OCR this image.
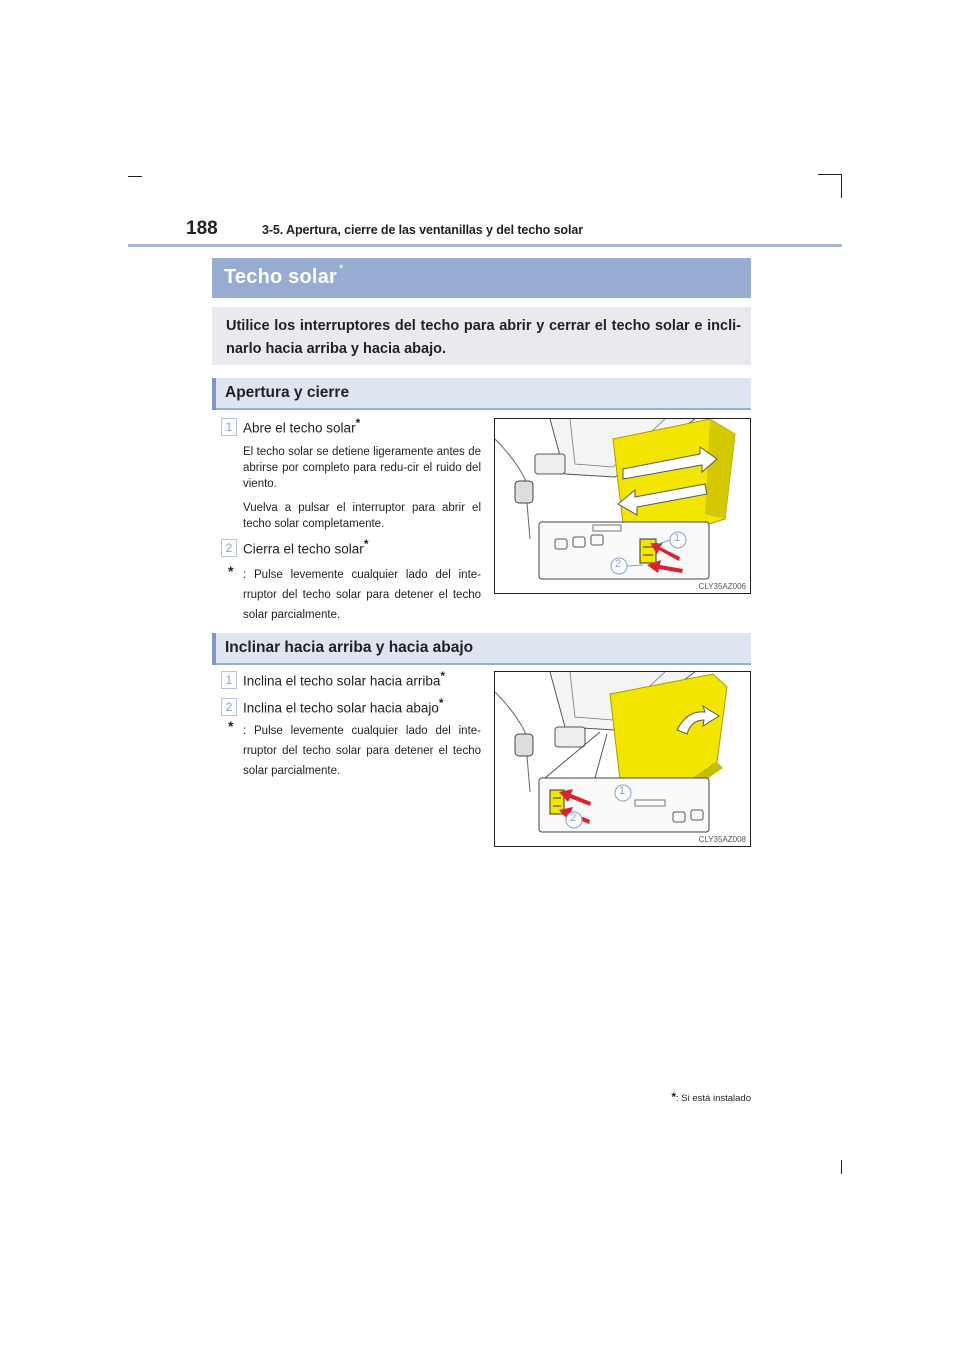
188	3-5. Apertura, cierre de las ventanillas y del techo solar
Techo solar *
Utilice los interruptores del techo para abrir y cerrar el techo solar e incli-narlo hacia arriba y hacia abajo.
Apertura y cierre
1 Abre el techo solar*
El techo solar se detiene ligeramente antes de abrirse por completo para redu-cir el ruido del viento.
Vuelva a pulsar el interruptor para abrir el techo solar completamente.
2 Cierra el techo solar*
* : Pulse levemente cualquier lado del inte-rruptor del techo solar para detener el techo solar parcialmente.
1
2
CLY35AZ006
Inclinar hacia arriba y hacia abajo
1 Inclina el techo solar hacia arriba*
2 Inclina el techo solar hacia abajo*
* : Pulse levemente cualquier lado del inte-rruptor del techo solar para detener el techo solar parcialmente.
1
2
CLY35AZ008
*: Si está instalado
